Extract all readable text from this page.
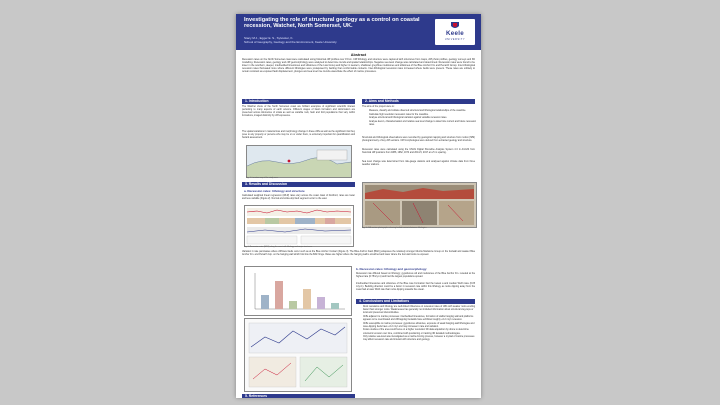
Investigating the role of structural geology as a control on coastal recession, Watchet, North Somerset, UK.
Stacy M.J., Egger E. S., Sylvester, K.
School of Geography, Geology and the Environment, Keele University
Keele
UNIVERSITY
Abstract
Recession rates on the North Somerset coast were calculated using historical cliff profiles over 15 km. Cliff lithology and structure were captured with structures from maps, cliff photo profiles, geology surveys and 3D modelling. Recession rates, geology and cliff geomorphology were analysed to determine trends and spatial relationships. Negative sea level change was calculated and determined. Recession rates were found to be lower in the southern, deeper, interbedded limestones and siltstones of the Lias Group and higher in western, shallower grey/blue mudstones and siltstones of the Blue Anchor Fm and Penarth Group. Inter-lithological recession rates fluctuated more where different lithologies were juxtaposed by faulting than conformable contacts. Inter-lithological recession rates increased where faults were present. These rates are unlikely to remain constant as exposed fault displacement, plunges and sea level rise trends exacerbate the effect of marine processes.
1. Introduction
The Watchet shore of the North Somerset coast are brilliant examples of significant scientific interest pertaining to many aspects of earth science. Different stages of basin formation and deformation are preserved across kilometres of strata as well as variable rock, fault and fold populations that vary within formations, imaged distinctly by cliff exposures.
The spatial variations in material loss and morphology change in these cliffs as well as the significant risk they pose to any property or persons who may be on or under them, is extremely important for quantification and hazard assessment.
Fig. 1: Location map of the study area.
3. Results and Discussion
a. Recession rates: lithology and structure
Calculated weighted linear regression (WLR) rates vary across the coast. East of Doniford, rates are lower and less variable (Figure 2). Normal and strike-slip fault segment occur to the east.
Fig. 2: Recession rates (WLR) along the coast with lithology and major structures.
5. References
2. Aims and Methods
The aims of the project were to:
• Measure, classify and collate observed structural and lithological relationships of the coastline.
• Calculate high resolution recession rates for the coastline.
• Analyse structural and lithological variation against variable recession rates.
• Analyse decon, characterisation and relative sea level change to determine current and future recession rates.
Structural and lithological observations were recorded by geological mapping and structure from motion (SfM) photogrammetry of key cliff sections. Cliff morphologies were derived from extracted geology and structure.
Recession rates were calculated using the USGS Digital Shoreline Analysis System 4.3 in ArcGIS from historical cliff positions from 1886, 1962, 1974 and 2014-5, 2017 at a 5 m spacing.
Sea level change was determined from tide-gauge stations and analysed against climate data from three weather stations.
Fig. 3: Cliff section photographs showing faulted contacts between lithologies.
Variation in rate punctuates where cliff-face faults occur such as at the Blue Anchor Contact (Figure 3). The Blue Anchor Fault (BAF) juxtaposes the relatively stronger Mercia Mudstone Group on the footwall and weaker Blue Anchor Fm. and Penarth Grp. on the hanging wall which fold into the BAF hinge. Rates are higher where the hanging wall is stretched and lower where the foot wall rocks is exposed.
b. Recession rates: lithology and geomorphology
Recession rate differed based on lithology; gypsiferous silt and mudstones of the Blue Anchor Fm. receded at the highest rate (0.75m/yr-1) and had the largest populations spread.
Interbedded limestones and siltstones of the Blue Lias Formation had the lowest a and median WLR rates (0.05 m/yr-1). Bedding direction could be a factor in recession rate within this lithology as rocks dipping away from the coast had a lower WLR rate than rocks dipping towards the ocean.
4. Conclusions and Limitations
• Rock resistance and lithology are well-linked influences on recession rates of cliffs with weaker rocks eroding faster than stronger rocks. Weaknesses has generally not included information about structural slug-tops or local and presumed discontinuities.
• Cliffs adjacent to marine processes: interbedded limestones, formation of stable hanging wall and platforms appears to be coordinated and cliff-lapping footwalls have exhibited roughly +0.2 m/yr recession.
• Cliffs susceptible to marine processes: gypsiferous siltstones, exposure of weak hanging-wall lithologies and cave-dipping beds have +0.2 m/yr and may increase in rate and variation.
• Future studies of the area could focus on a higher resolution 3D data acquisition by drone to determine volumetric erosion over time, combined with positioning or tracking 3D detailed methodologies.
• Only relative sea-level was investigated as a marine-forcing process, however a myriad of marine processes may affect recession rate and interact with structure and geology.
